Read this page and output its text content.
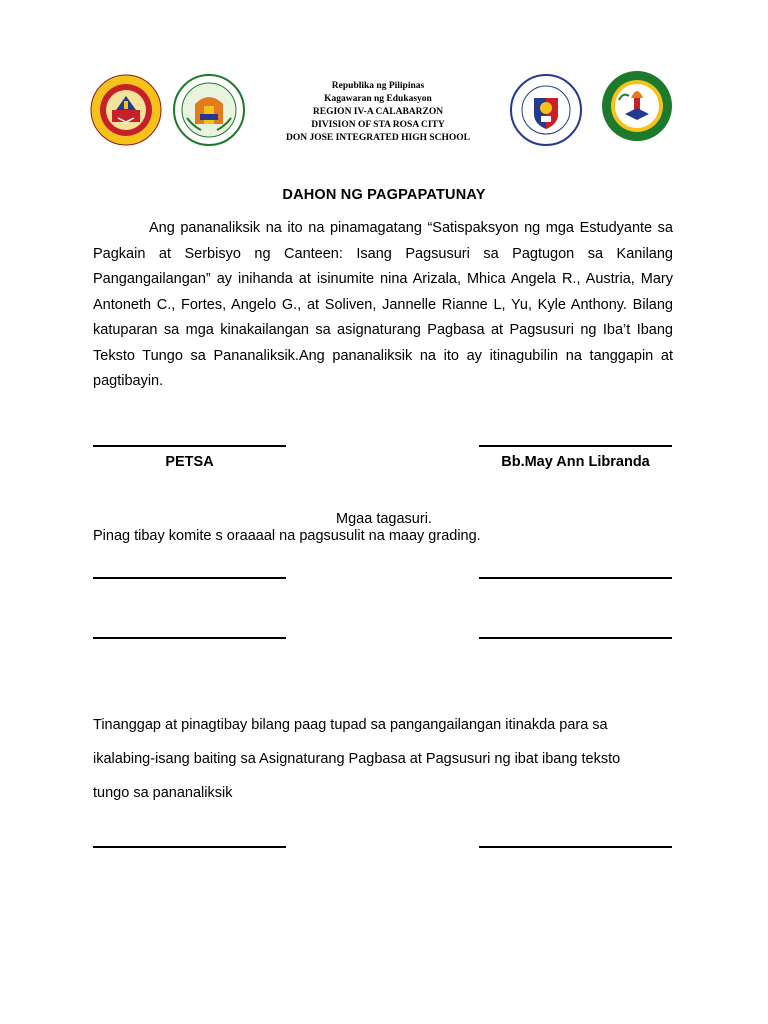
Republika ng Pilipinas
Kagawaran ng Edukasyon
REGION IV-A CALABARZON
DIVISION OF STA ROSA CITY
DON JOSE INTEGRATED HIGH SCHOOL
DAHON NG PAGPAPATUNAY

Ang pananaliksik na ito na pinamagatang “Satispaksyon ng mga Estudyante sa Pagkain at Serbisyo ng Canteen: Isang Pagsusuri sa Pagtugon sa Kanilang Pangangailangan” ay inihanda at isinumite nina Arizala, Mhica Angela R., Austria, Mary Antoneth C., Fortes, Angelo G., at Soliven, Jannelle Rianne L, Yu, Kyle Anthony. Bilang katuparan sa mga kinakailangan sa asignaturang Pagbasa at Pagsusuri ng Iba’t Ibang Teksto Tungo sa Pananaliksik.Ang pananaliksik na ito ay itinagubilin na tanggapin at pagtibayin.

PETSA	Bb.May Ann Libranda
Mgaa tagasuri.
Pinag tibay komite s oraaaal na pagsusulit na maay grading.
Tinanggap at pinagtibay bilang paag tupad sa pangangailangan itinakda para sa
ikalabing-isang baiting sa Asignaturang Pagbasa at Pagsusuri ng ibat ibang teksto
tungo sa pananaliksik
